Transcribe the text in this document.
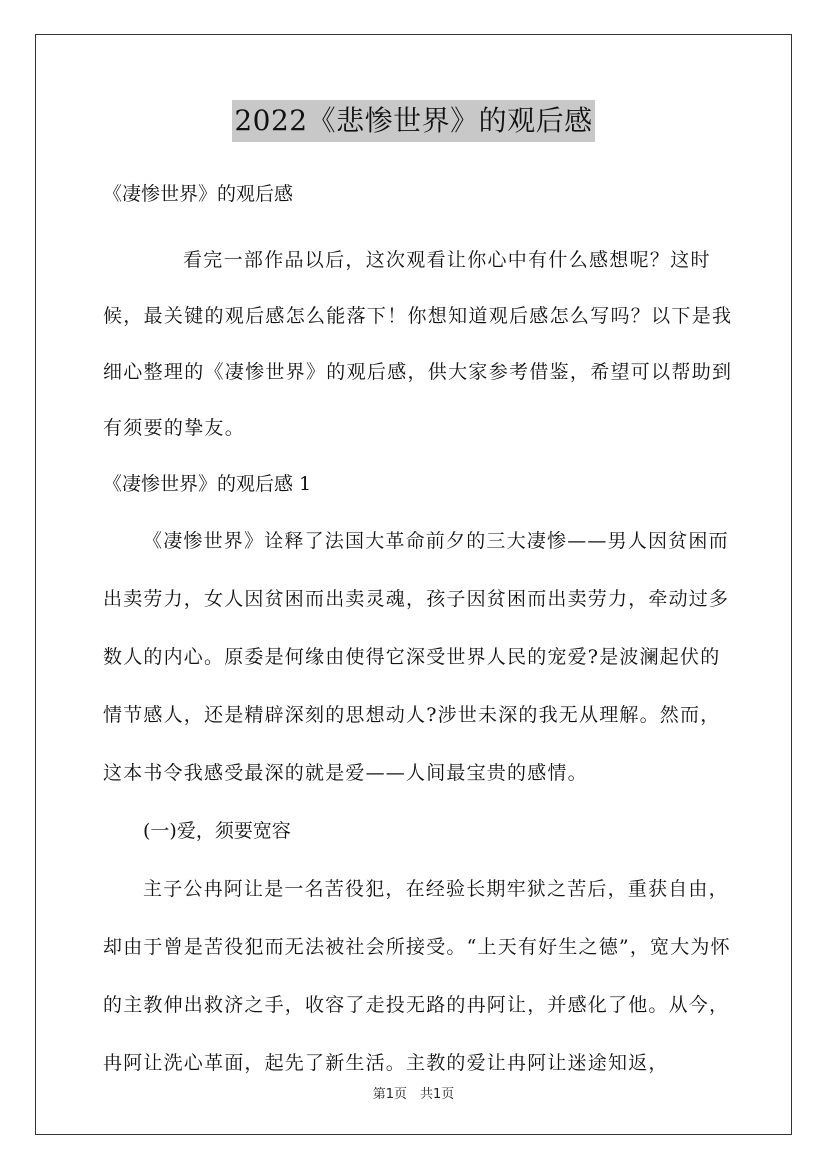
2022《悲惨世界》的观后感

《凄惨世界》的观后感

看完一部作品以后，这次观看让你心中有什么感想呢？这时候，最关键的观后感怎么能落下！你想知道观后感怎么写吗？以下是我细心整理的《凄惨世界》的观后感，供大家参考借鉴，希望可以帮助到有须要的挚友。

《凄惨世界》的观后感 1

《凄惨世界》诠释了法国大革命前夕的三大凄惨——男人因贫困而出卖劳力，女人因贫困而出卖灵魂，孩子因贫困而出卖劳力，牵动过多数人的内心。原委是何缘由使得它深受世界人民的宠爱?是波澜起伏的情节感人，还是精辟深刻的思想动人?涉世未深的我无从理解。然而，这本书令我感受最深的就是爱——人间最宝贵的感情。

(一)爱，须要宽容

主子公冉阿让是一名苦役犯，在经验长期牢狱之苦后，重获自由，却由于曾是苦役犯而无法被社会所接受。“上天有好生之德”，宽大为怀的主教伸出救济之手，收容了走投无路的冉阿让，并感化了他。从今，冉阿让洗心革面，起先了新生活。主教的爱让冉阿让迷途知返，

第1页　共1页
